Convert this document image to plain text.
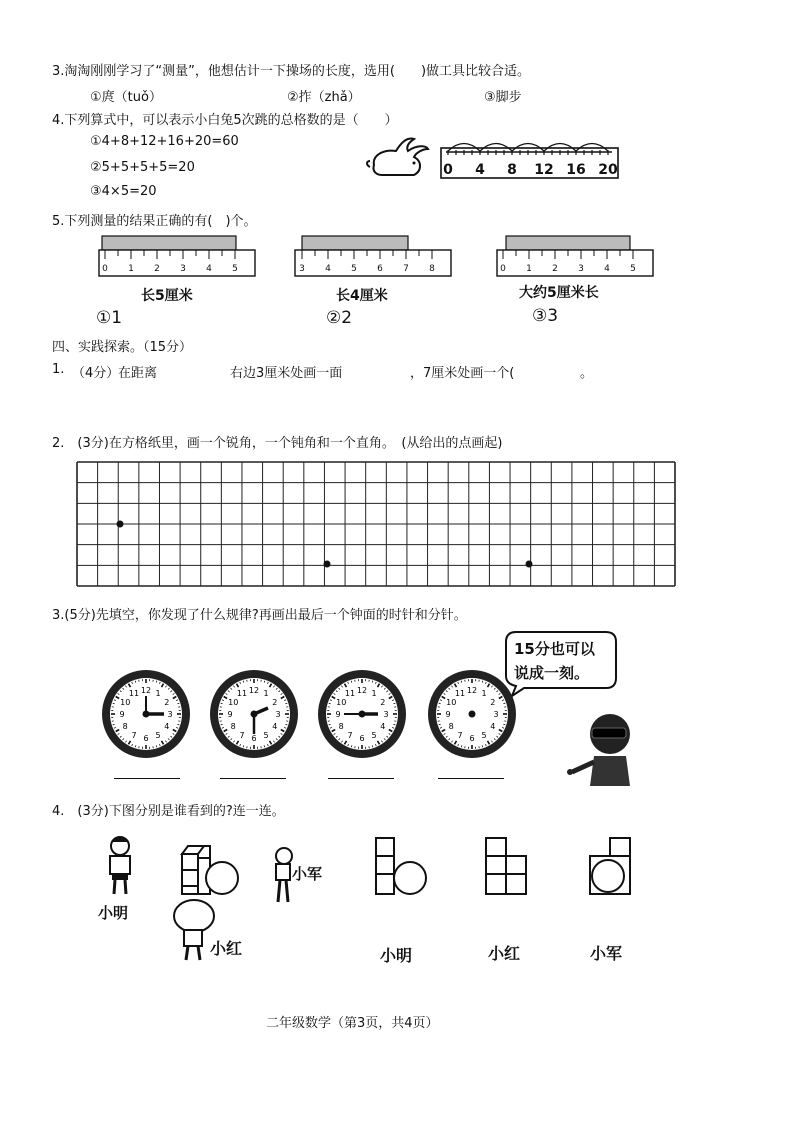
3.淘淘刚刚学习了“测量”，他想估计一下操场的长度，选用(　　)做工具比较合适。
①庹（tuǒ）	②拃（zhǎ）	③脚步
4.下列算式中，可以表示小白兔5次跳的总格数的是（　　）
①4+8+12+16+20=60
②5+5+5+5=20
③4×5=20
0 4 8 12 16 20
5.下列测量的结果正确的有(　)个。
0 1 2 3 4 5
长5厘米
3 4 5 6 7 8
长4厘米
0 1 2 3 4 5
大约5厘米长
①1	②2	③3
四、实践探索。（15分）
1. （4分）
在距离	右边3厘米处画一面	，7厘米处画一个(	。
2.　(3分)在方格纸里，画一个锐角，一个钝角和一个直角。　(从给出的点画起)
3.(5分)先填空，你发现了什么规律?再画出最后一个钟面的时针和分针。
15分也可以
说成一刻。
1
2
3
4
5
6
7
8
9
10
11 12	1
2
3
4
5
6
7
8
9
10
11 12	1
2
3
4
5
6
7
8
9
10
11 12	1
2
3
4
5
6
7
8
9
10
11 12
4.　(3分)下图分别是谁看到的?连一连。
小明
小红
小军
小明	小红	小军
二年级数学（第3页，共4页）
